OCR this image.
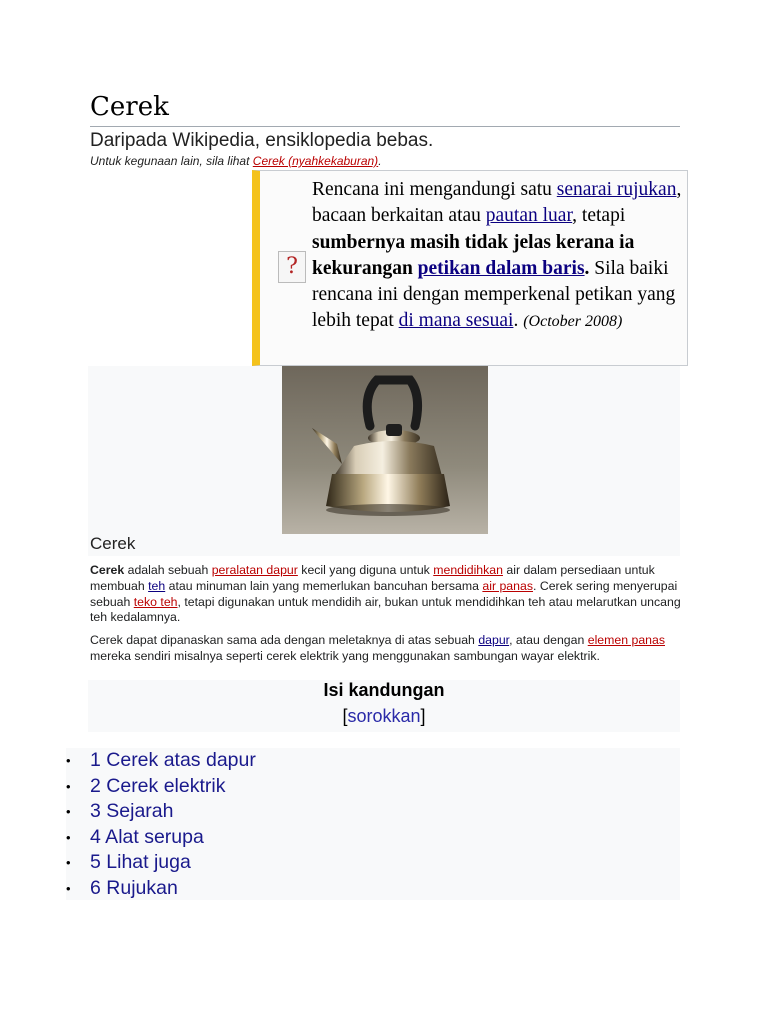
Cerek
Daripada Wikipedia, ensiklopedia bebas.
Untuk kegunaan lain, sila lihat Cerek (nyahkekaburan).
?
Rencana ini mengandungi satu senarai rujukan, bacaan berkaitan atau pautan luar, tetapi sumbernya masih tidak jelas kerana ia kekurangan petikan dalam baris. Sila baiki rencana ini dengan memperkenal petikan yang lebih tepat di mana sesuai. (October 2008)
Cerek

Cerek adalah sebuah peralatan dapur kecil yang diguna untuk mendidihkan air dalam persediaan untuk membuah teh atau minuman lain yang memerlukan bancuhan bersama air panas. Cerek sering menyerupai sebuah teko teh, tetapi digunakan untuk mendidih air, bukan untuk mendidihkan teh atau melarutkan uncang teh kedalamnya.

Cerek dapat dipanaskan sama ada dengan meletaknya di atas sebuah dapur, atau dengan elemen panas mereka sendiri misalnya seperti cerek elektrik yang menggunakan sambungan wayar elektrik.

Isi kandungan
[sorokkan]
• 1 Cerek atas dapur
• 2 Cerek elektrik
• 3 Sejarah
• 4 Alat serupa
• 5 Lihat juga
• 6 Rujukan
